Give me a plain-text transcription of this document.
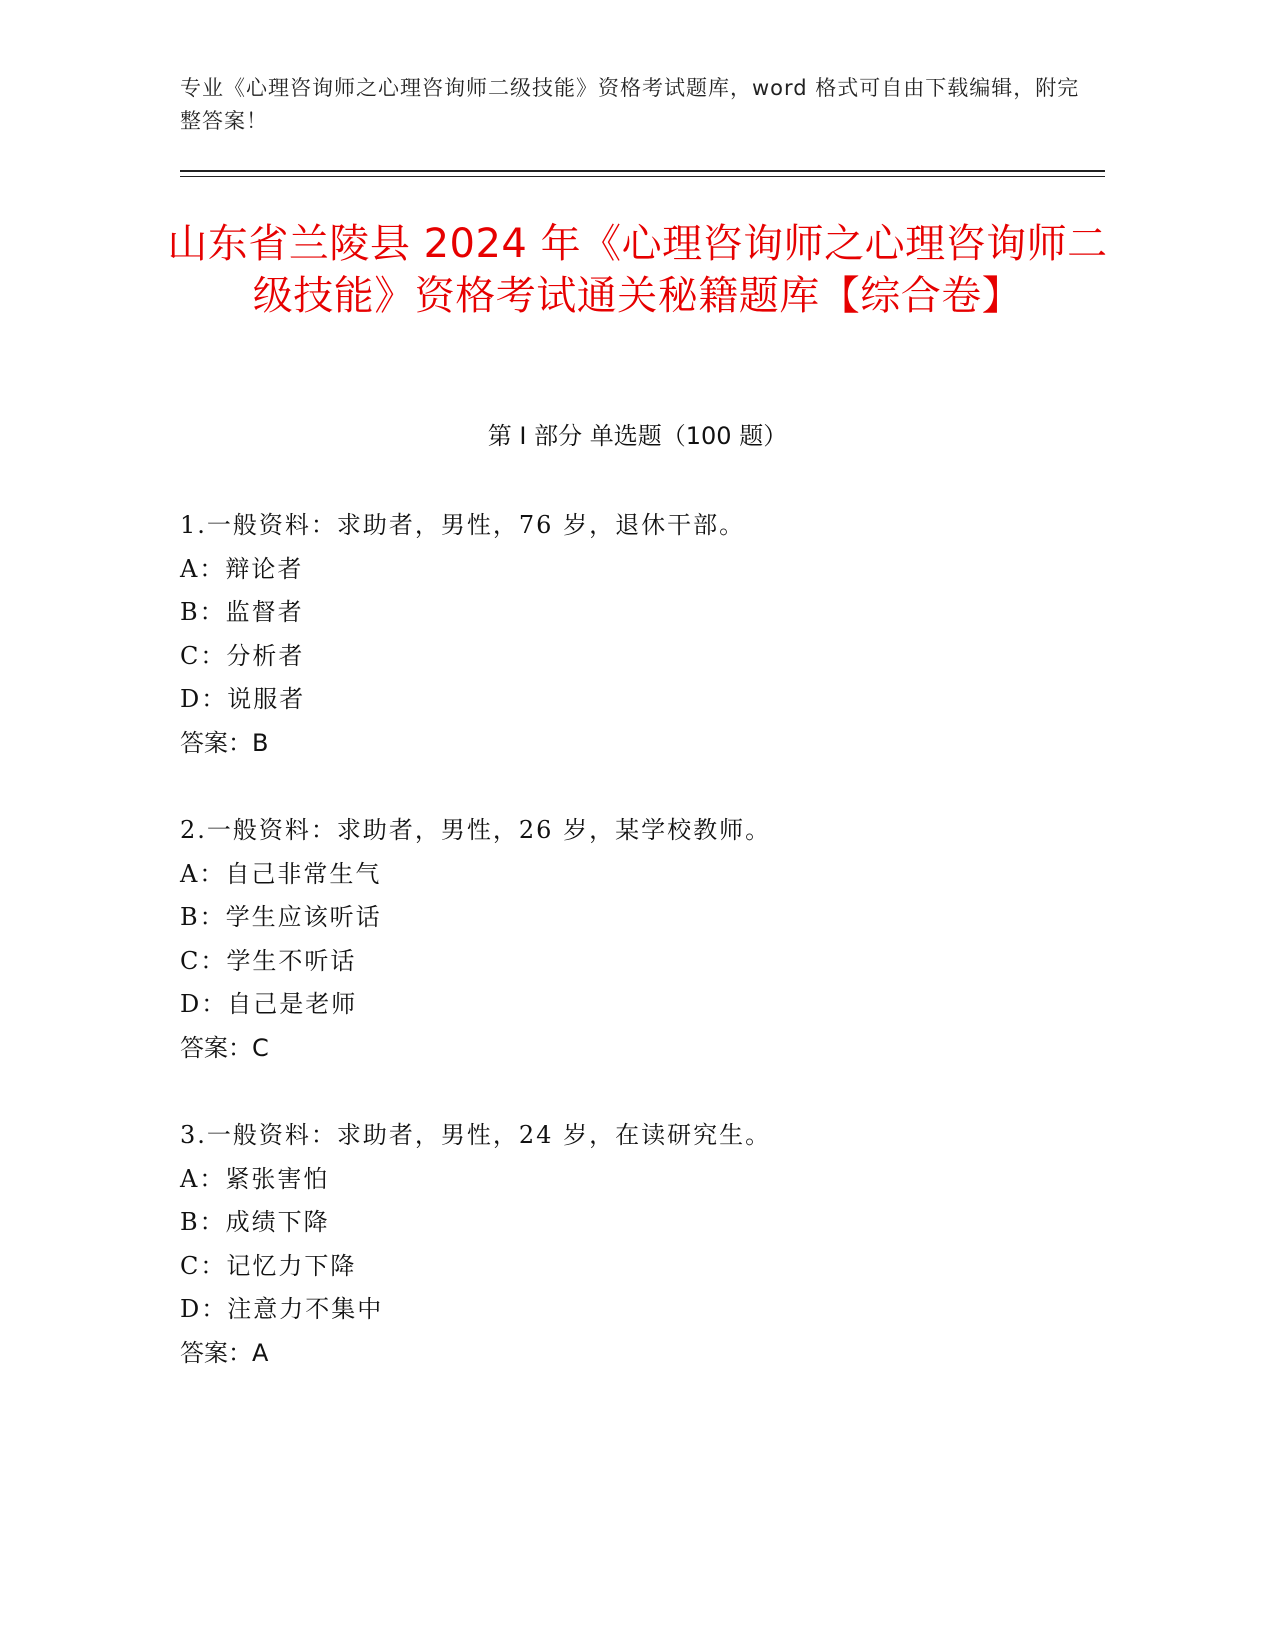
专业《心理咨询师之心理咨询师二级技能》资格考试题库，word 格式可自由下载编辑，附完整答案！
山东省兰陵县 2024 年《心理咨询师之心理咨询师二级技能》资格考试通关秘籍题库【综合卷】
第 I 部分 单选题（100 题）
1.一般资料：求助者，男性，76 岁，退休干部。
A：辩论者
B：监督者
C：分析者
D：说服者
答案：B
2.一般资料：求助者，男性，26 岁，某学校教师。
A：自己非常生气
B：学生应该听话
C：学生不听话
D：自己是老师
答案：C
3.一般资料：求助者，男性，24 岁，在读研究生。
A：紧张害怕
B：成绩下降
C：记忆力下降
D：注意力不集中
答案：A
